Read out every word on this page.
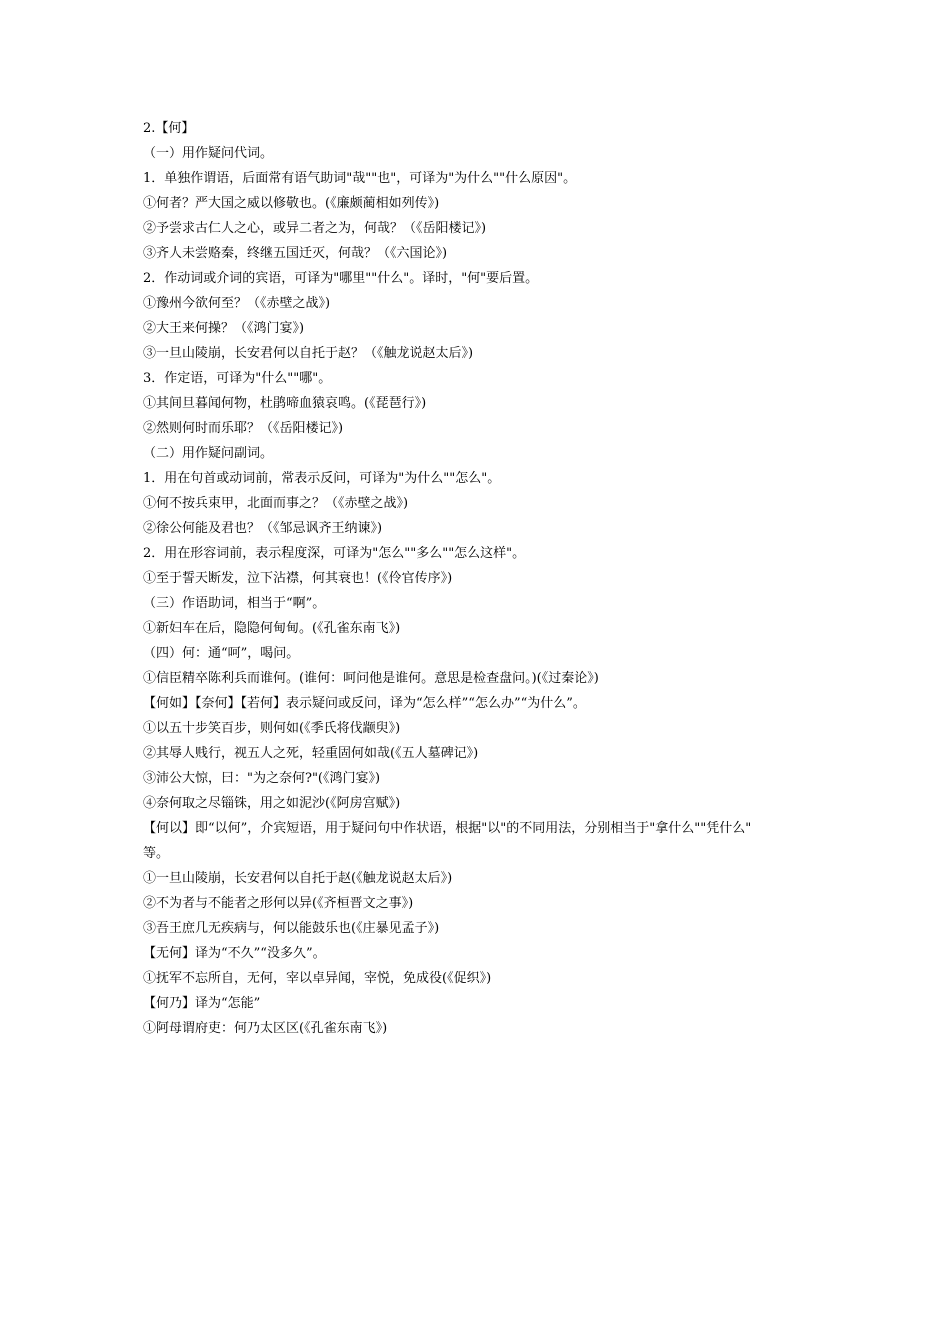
2.【何】
（一）用作疑问代词。
1．单独作谓语，后面常有语气助词"哉""也"，可译为"为什么""什么原因"。
①何者？严大国之威以修敬也。(《廉颇蔺相如列传》)
②予尝求古仁人之心，或异二者之为，何哉？（《岳阳楼记》)
③齐人未尝赂秦，终继五国迁灭，何哉？（《六国论》)
2．作动词或介词的宾语，可译为"哪里""什么"。译时，"何"要后置。
①豫州今欲何至？（《赤壁之战》)
②大王来何操？（《鸿门宴》)
③一旦山陵崩，长安君何以自托于赵？（《触龙说赵太后》)
3．作定语，可译为"什么""哪"。
①其间旦暮闻何物，杜鹃啼血猿哀鸣。(《琵琶行》)
②然则何时而乐耶？（《岳阳楼记》)
（二）用作疑问副词。
1．用在句首或动词前，常表示反问，可译为"为什么""怎么"。
①何不按兵束甲，北面而事之？（《赤壁之战》)
②徐公何能及君也？（《邹忌讽齐王纳谏》)
2．用在形容词前，表示程度深，可译为"怎么""多么""怎么这样"。
①至于誓天断发，泣下沾襟，何其衰也！(《伶官传序》)
（三）作语助词，相当于“啊”。
①新妇车在后，隐隐何甸甸。(《孔雀东南飞》)
（四）何：通“呵”，喝问。
①信臣精卒陈利兵而谁何。(谁何：呵问他是谁何。意思是检查盘问。)(《过秦论》)
【何如】【奈何】【若何】表示疑问或反问，译为“怎么样”“怎么办”“为什么”。
①以五十步笑百步，则何如(《季氏将伐颛臾》)
②其辱人贱行，视五人之死，轻重固何如哉(《五人墓碑记》)
③沛公大惊，曰："为之奈何?"(《鸿门宴》)
④奈何取之尽锱铢，用之如泥沙(《阿房宫赋》)
【何以】即“以何”，介宾短语，用于疑问句中作状语，根据"以"的不同用法，分别相当于"拿什么""凭什么"
等。
①一旦山陵崩，长安君何以自托于赵(《触龙说赵太后》)
②不为者与不能者之形何以异(《齐桓晋文之事》)
③吾王庶几无疾病与，何以能鼓乐也(《庄暴见孟子》)
【无何】译为“不久”“没多久”。
①抚军不忘所自，无何，宰以卓异闻，宰悦，免成役(《促织》)
【何乃】译为“怎能”
①阿母谓府吏：何乃太区区(《孔雀东南飞》)
